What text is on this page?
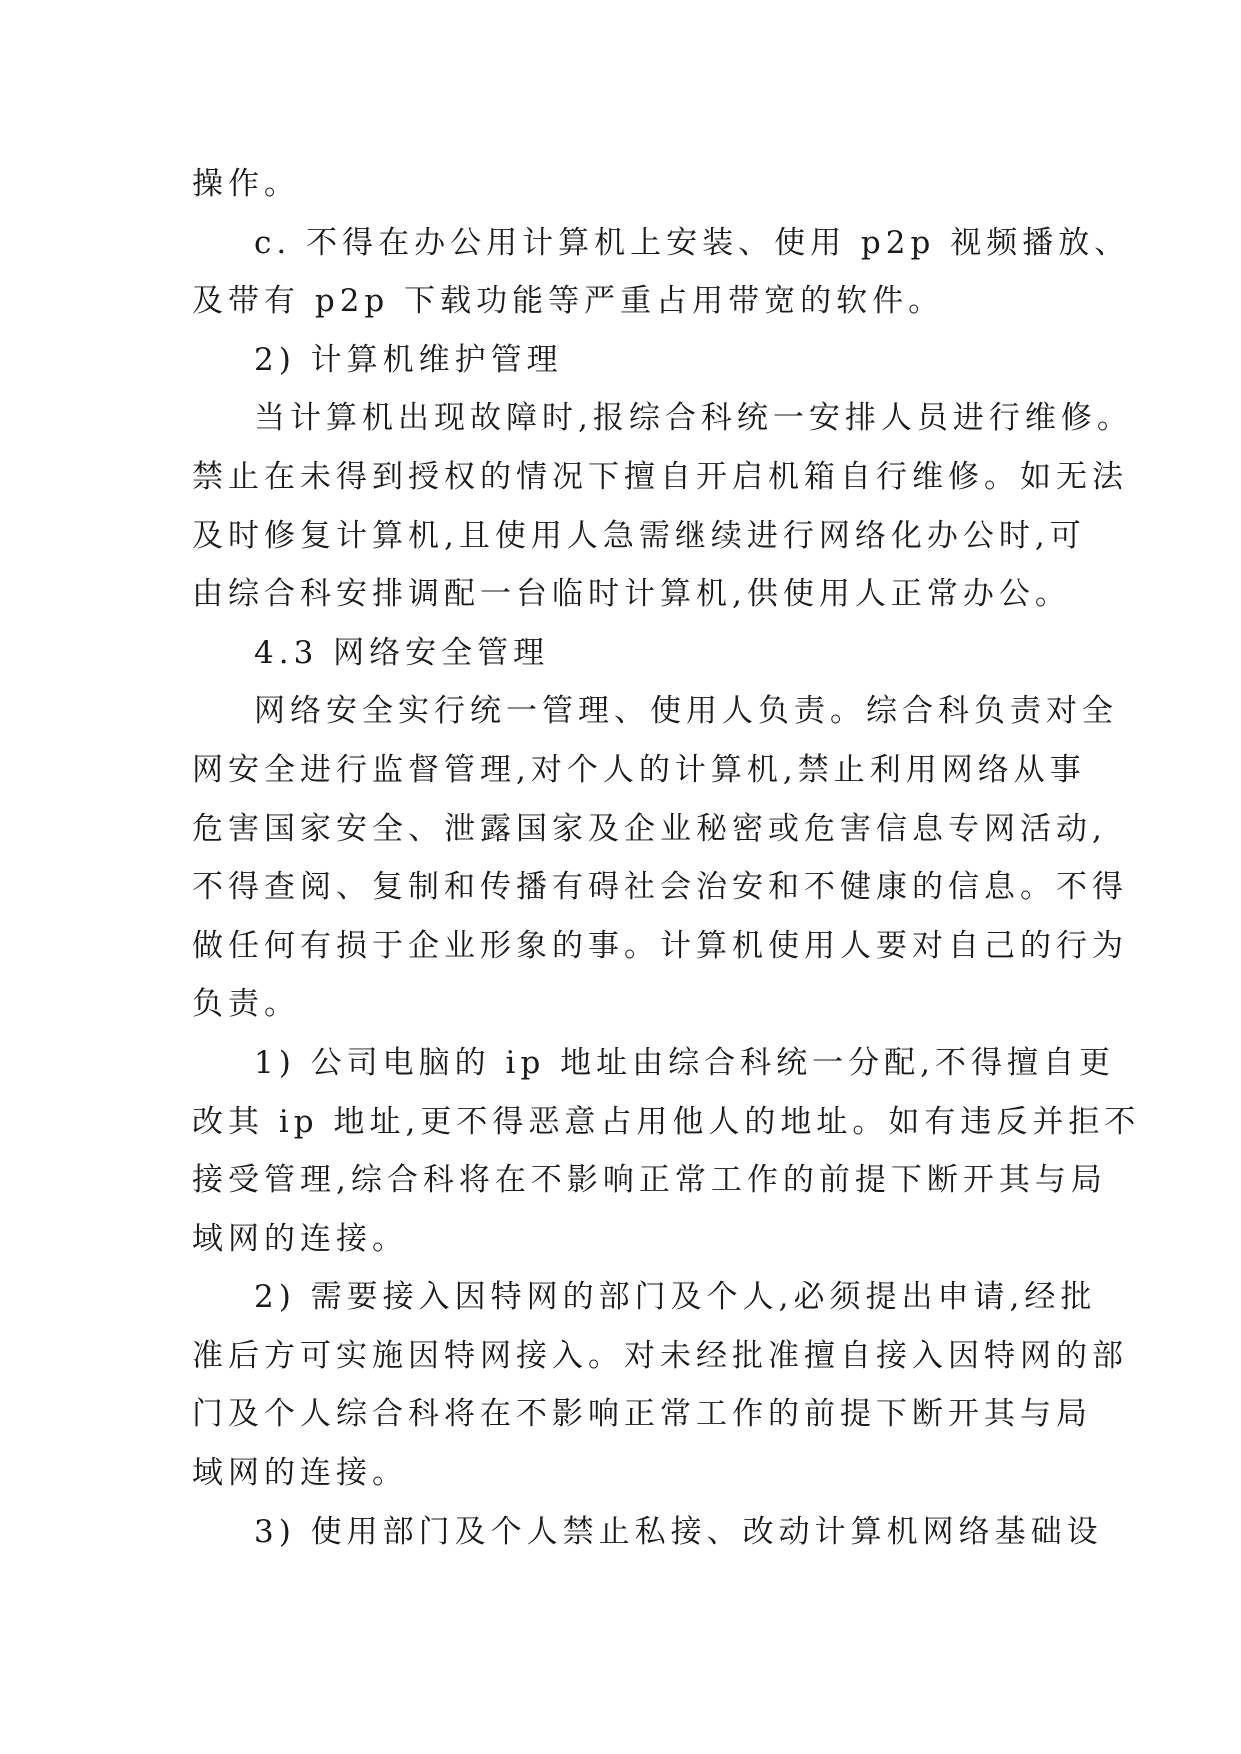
操作。
c. 不得在办公用计算机上安装、使用 p2p 视频播放、
及带有 p2p 下载功能等严重占用带宽的软件。
2) 计算机维护管理
当计算机出现故障时,报综合科统一安排人员进行维修。
禁止在未得到授权的情况下擅自开启机箱自行维修。如无法
及时修复计算机,且使用人急需继续进行网络化办公时,可
由综合科安排调配一台临时计算机,供使用人正常办公。
4.3 网络安全管理
网络安全实行统一管理、使用人负责。综合科负责对全
网安全进行监督管理,对个人的计算机,禁止利用网络从事
危害国家安全、泄露国家及企业秘密或危害信息专网活动,
不得查阅、复制和传播有碍社会治安和不健康的信息。不得
做任何有损于企业形象的事。计算机使用人要对自己的行为
负责。
1) 公司电脑的 ip 地址由综合科统一分配,不得擅自更
改其 ip 地址,更不得恶意占用他人的地址。如有违反并拒不
接受管理,综合科将在不影响正常工作的前提下断开其与局
域网的连接。
2) 需要接入因特网的部门及个人,必须提出申请,经批
准后方可实施因特网接入。对未经批准擅自接入因特网的部
门及个人综合科将在不影响正常工作的前提下断开其与局
域网的连接。
3) 使用部门及个人禁止私接、改动计算机网络基础设
